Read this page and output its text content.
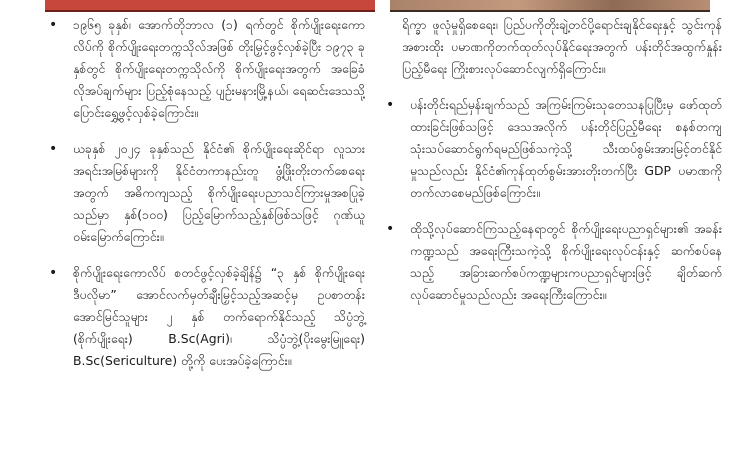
• ၁၉၆၅ ခုနှစ်၊ အောက်တိုဘာလ (၁) ရက်တွင် စိုက်ပျိုးရေးကောလိပ်ကို စိုက်ပျိုးရေးတက္ကသိုလ်အဖြစ် တိုးမြှင့်ဖွင့်လှစ်ခဲ့ပြီး ၁၉၇၃ ခုနှစ်တွင် စိုက်ပျိုးရေးတက္ကသိုလ်ကို စိုက်ပျိုးရေးအတွက် အခြေခံလိုအပ်ချက်များ ပြည့်စုံနေသည့် ပျဉ်းမနားမြို့နယ်၊ ရေဆင်းဒေသသို့ ပြောင်းရွှေ့ဖွင့်လှစ်ခဲ့ကြောင်း။
• ယခုနှစ် ၂၀၂၄ ခုနှစ်သည် နိုင်ငံ၏ စိုက်ပျိုးရေးဆိုင်ရာ လူသားအရင်းအမြစ်များကို နိုင်ငံတကာနည်းတူ ဖွံ့ဖြိုးတိုးတက်စေရေးအတွက် အဓိကကျသည့် စိုက်ပျိုးရေးပညာသင်ကြားမှုအစပြုခဲ့သည်မှာ နှစ်(၁၀၀) ပြည့်မြောက်သည့်နှစ်ဖြစ်သဖြင့် ဂုဏ်ယူဝမ်းမြောက်ကြောင်း။
• စိုက်ပျိုးရေးကောလိပ် စတင်ဖွင့်လှစ်ခဲ့ချိန်၌ “၃ နှစ် စိုက်ပျိုးရေး ဒီပလိုမာ” အောင်လက်မှတ်ချီးမြှင့်သည့်အဆင့်မှ ဥပစာတန်း အောင်မြင်သူများ ၂ နှစ် တက်ရောက်နိုင်သည့် သိပ္ပံဘွဲ့ (စိုက်ပျိုးရေး) B.Sc(Agri)၊ သိပ္ပံဘွဲ့(ပိုးမွေးမြူရေး) B.Sc(Sericulture) တို့ကို ပေးအပ်ခဲ့ကြောင်း။
ရိက္ခာ ဖူလုံမှုရှိစေရေး၊ ပြည်ပကိုတိုးချဲ့တင်ပို့ရောင်းချနိုင်ရေးနှင့် သွင်းကုန်အစားထိုး ပမာဏကိုတက်ထုတ်လုပ်နိုင်ရေးအတွက် ပန်းတိုင်အထွက်နှုန်း ပြည့်မီရေး ကြိုးစားလုပ်ဆောင်လျက်ရှိကြောင်း။
• ပန်းတိုင်းရည်မှန်းချက်သည် အကြမ်းကြမ်းသုတေသနပြုပြီးမှ ဖော်ထုတ်ထားခြင်းဖြစ်သဖြင့် ဒေသအလိုက် ပန်းတိုင်ပြည့်မီရေး စနစ်တကျ သုံးသပ်ဆောင်ရွက်ရမည်ဖြစ်သကဲ့သို့ သီးထပ်စွမ်းအားမြင့်တင်နိုင်မှုသည်လည်း နိုင်ငံ၏ကုန်ထုတ်စွမ်းအားတိုးတက်ပြီး GDP ပမာဏကိုတက်လာစေမည်ဖြစ်ကြောင်း။
• ထိုသို့လုပ်ဆောင်ကြသည့်နေရာတွင် စိုက်ပျိုးရေးပညာရှင်များ၏ အခန်းကဏ္ဍသည် အရေးကြီးသကဲ့သို့ စိုက်ပျိုးရေးလုပ်ငန်းနှင့် ဆက်စပ်နေသည့် အခြားဆက်စပ်ကဏ္ဍများကပညာရှင်များဖြင့် ချိတ်ဆက်လုပ်ဆောင်မှုသည်လည်း အရေးကြီးကြောင်း။
